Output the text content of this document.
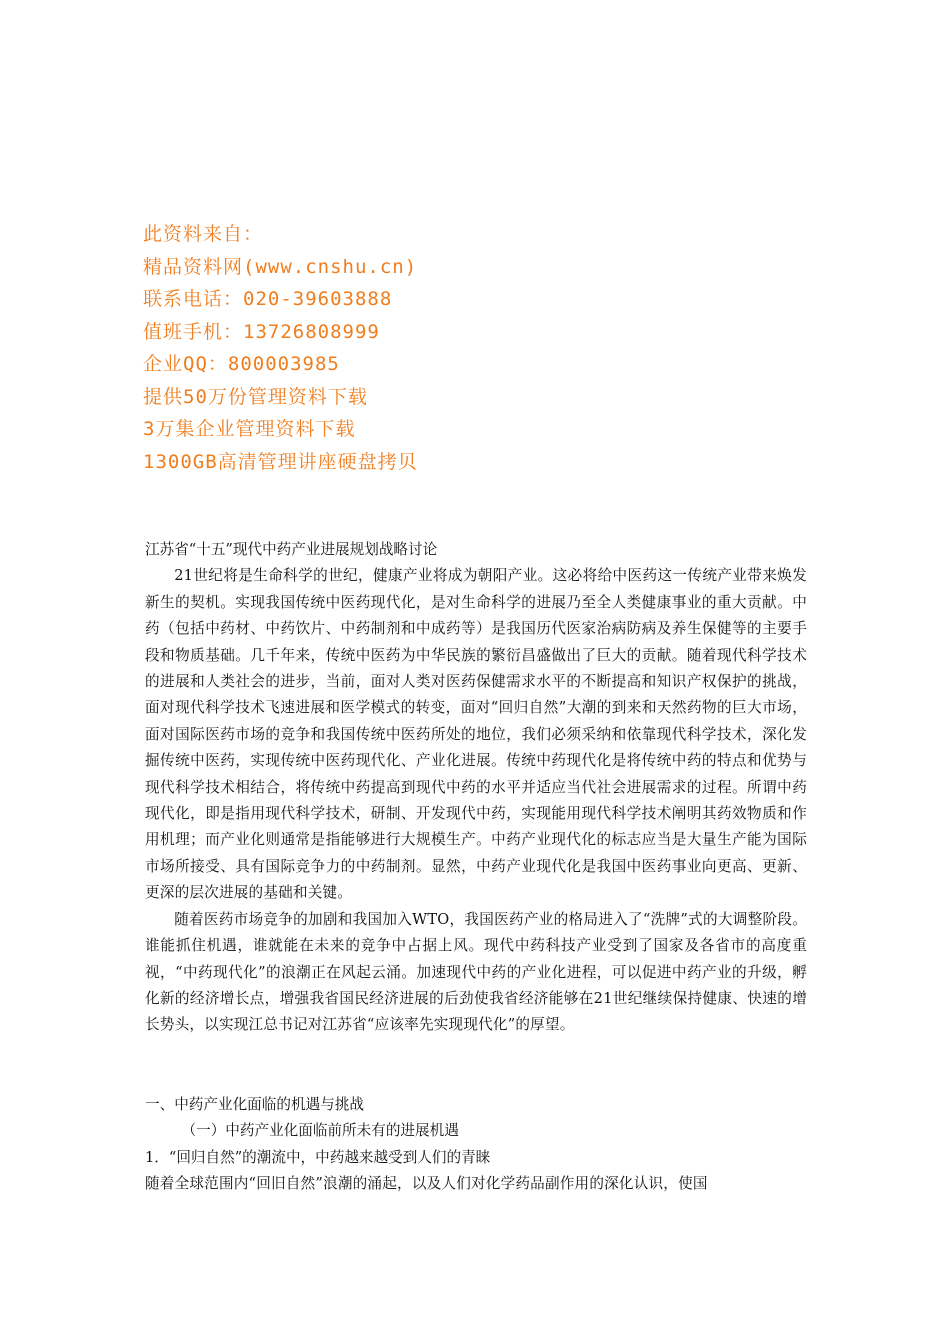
此资料来自：
精品资料网(www.cnshu.cn)
联系电话：020-39603888
值班手机：13726808999
企业QQ：800003985
提供50万份管理资料下载
3万集企业管理资料下载
1300GB高清管理讲座硬盘拷贝
江苏省“十五”现代中药产业进展规划战略讨论

21世纪将是生命科学的世纪，健康产业将成为朝阳产业。这必将给中医药这一传统产业带来焕发新生的契机。实现我国传统中医药现代化，是对生命科学的进展乃至全人类健康事业的重大贡献。中药（包括中药材、中药饮片、中药制剂和中成药等）是我国历代医家治病防病及养生保健等的主要手段和物质基础。几千年来，传统中医药为中华民族的繁衍昌盛做出了巨大的贡献。随着现代科学技术的进展和人类社会的进步，当前，面对人类对医药保健需求水平的不断提高和知识产权保护的挑战，面对现代科学技术飞速进展和医学模式的转变，面对“回归自然”大潮的到来和天然药物的巨大市场，面对国际医药市场的竞争和我国传统中医药所处的地位，我们必须采纳和依靠现代科学技术，深化发掘传统中医药，实现传统中医药现代化、产业化进展。传统中药现代化是将传统中药的特点和优势与现代科学技术相结合，将传统中药提高到现代中药的水平并适应当代社会进展需求的过程。所谓中药现代化，即是指用现代科学技术，研制、开发现代中药，实现能用现代科学技术阐明其药效物质和作用机理；而产业化则通常是指能够进行大规模生产。中药产业现代化的标志应当是大量生产能为国际市场所接受、具有国际竞争力的中药制剂。显然，中药产业现代化是我国中医药事业向更高、更新、更深的层次进展的基础和关键。

随着医药市场竞争的加剧和我国加入WTO，我国医药产业的格局进入了“洗牌”式的大调整阶段。谁能抓住机遇，谁就能在未来的竞争中占据上风。现代中药科技产业受到了国家及各省市的高度重视，“中药现代化”的浪潮正在风起云涌。加速现代中药的产业化进程，可以促进中药产业的升级，孵化新的经济增长点，增强我省国民经济进展的后劲使我省经济能够在21世纪继续保持健康、快速的增长势头，以实现江总书记对江苏省“应该率先实现现代化”的厚望。

一、中药产业化面临的机遇与挑战
（一）中药产业化面临前所未有的进展机遇
1．“回归自然”的潮流中，中药越来越受到人们的青睐
随着全球范围内“回旧自然”浪潮的涌起，以及人们对化学药品副作用的深化认识，使国
